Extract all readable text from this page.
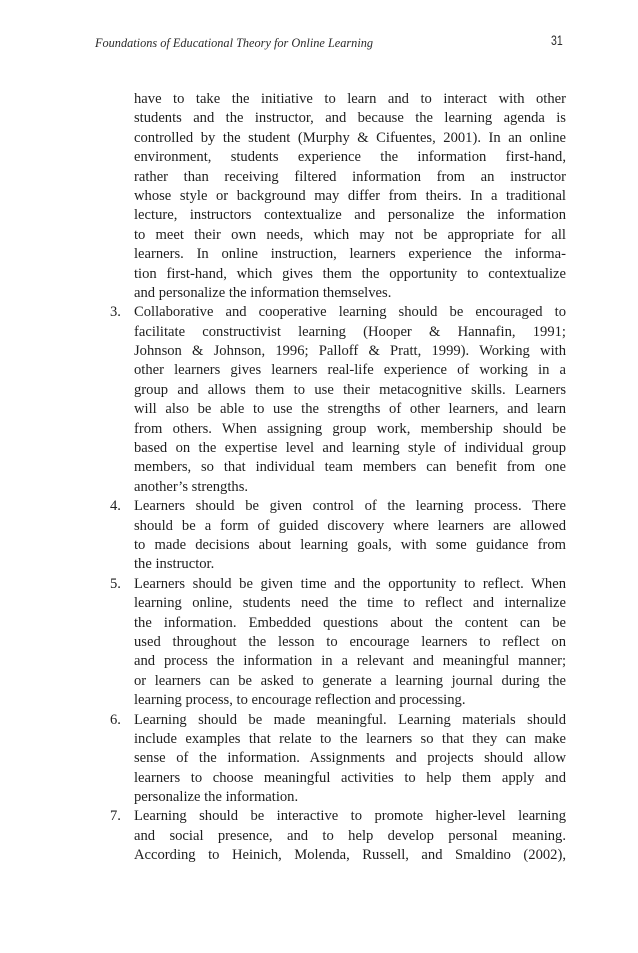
Foundations of Educational Theory for Online Learning	31
have to take the initiative to learn and to interact with other
students and the instructor, and because the learning agenda is
controlled by the student (Murphy & Cifuentes, 2001). In an online
environment, students experience the information first-hand,
rather than receiving filtered information from an instructor
whose style or background may differ from theirs. In a traditional
lecture, instructors contextualize and personalize the information
to meet their own needs, which may not be appropriate for all
learners. In online instruction, learners experience the informa-
tion first-hand, which gives them the opportunity to contextualize
and personalize the information themselves.
3. Collaborative and cooperative learning should be encouraged to
facilitate constructivist learning (Hooper & Hannafin, 1991;
Johnson & Johnson, 1996; Palloff & Pratt, 1999). Working with
other learners gives learners real-life experience of working in a
group and allows them to use their metacognitive skills. Learners
will also be able to use the strengths of other learners, and learn
from others. When assigning group work, membership should be
based on the expertise level and learning style of individual group
members, so that individual team members can benefit from one
another’s strengths.
4. Learners should be given control of the learning process. There
should be a form of guided discovery where learners are allowed
to made decisions about learning goals, with some guidance from
the instructor.
5. Learners should be given time and the opportunity to reflect. When
learning online, students need the time to reflect and internalize
the information. Embedded questions about the content can be
used throughout the lesson to encourage learners to reflect on
and process the information in a relevant and meaningful manner;
or learners can be asked to generate a learning journal during the
learning process, to encourage reflection and processing.
6. Learning should be made meaningful. Learning materials should
include examples that relate to the learners so that they can make
sense of the information. Assignments and projects should allow
learners to choose meaningful activities to help them apply and
personalize the information.
7. Learning should be interactive to promote higher-level learning
and social presence, and to help develop personal meaning.
According to Heinich, Molenda, Russell, and Smaldino (2002),
